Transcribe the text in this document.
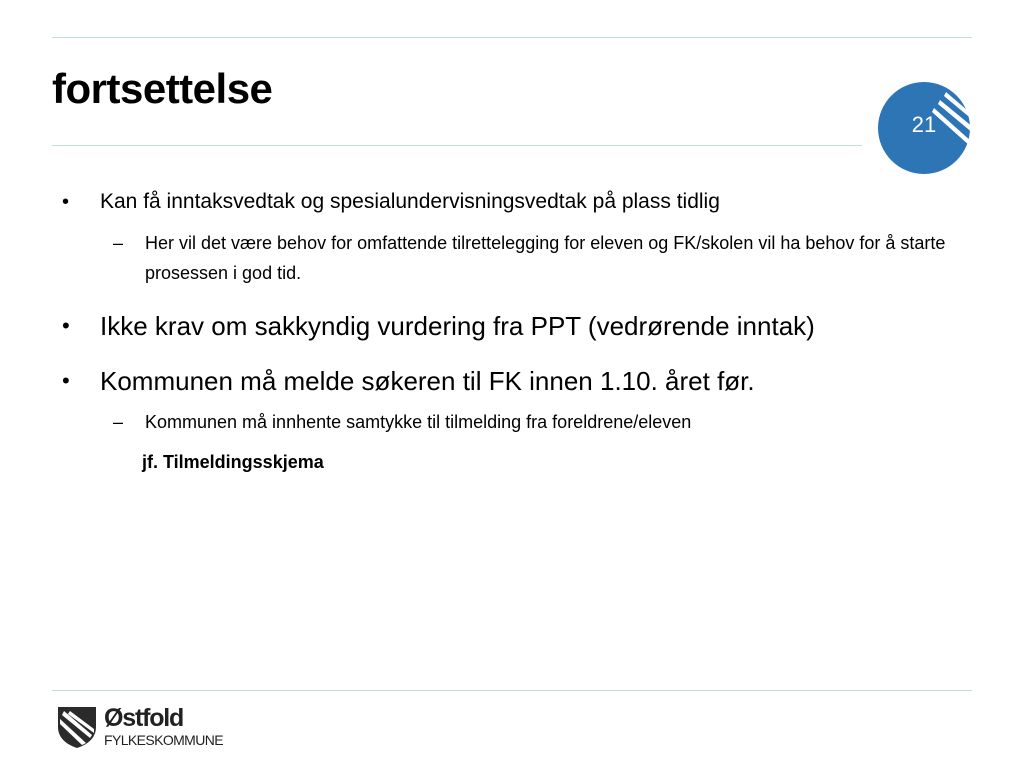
fortsettelse
21
• Kan få inntaksvedtak og spesialundervisningsvedtak på plass tidlig
– Her vil det være behov for omfattende tilrettelegging for eleven og FK/skolen vil ha behov for å starte prosessen i god tid.
• Ikke krav om sakkyndig vurdering fra PPT (vedrørende inntak)
• Kommunen må melde søkeren til FK innen 1.10. året før.
– Kommunen må innhente samtykke til tilmelding fra foreldrene/eleven
jf. Tilmeldingsskjema
Østfold
FYLKESKOMMUNE
